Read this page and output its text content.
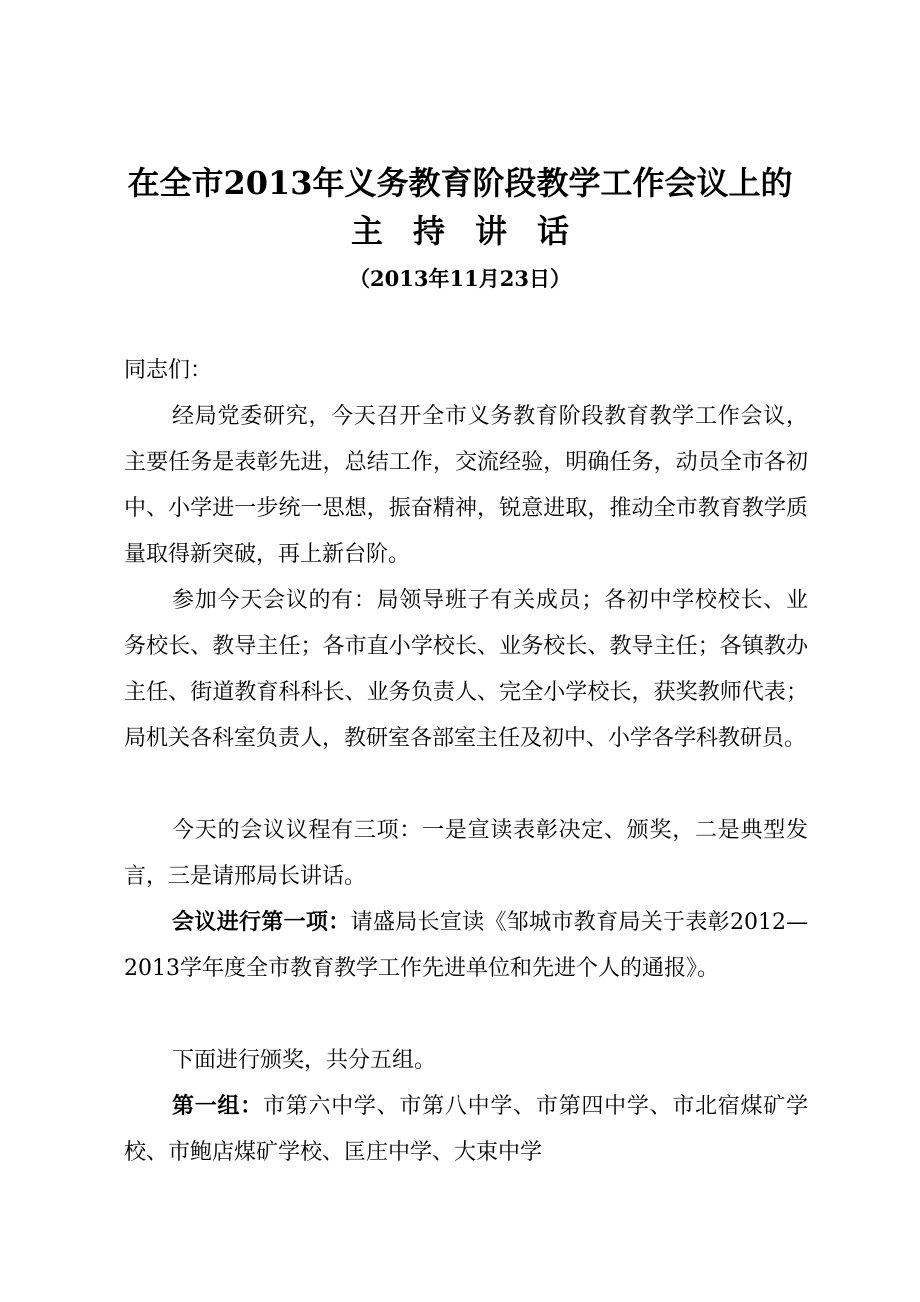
在全市2013年义务教育阶段教学工作会议上的
主持讲话
（2013年11月23日）
同志们：
经局党委研究，今天召开全市义务教育阶段教育教学工作会议，主要任务是表彰先进，总结工作，交流经验，明确任务，动员全市各初中、小学进一步统一思想，振奋精神，锐意进取，推动全市教育教学质量取得新突破，再上新台阶。
参加今天会议的有：局领导班子有关成员；各初中学校校长、业务校长、教导主任；各市直小学校长、业务校长、教导主任；各镇教办主任、街道教育科科长、业务负责人、完全小学校长，获奖教师代表；局机关各科室负责人，教研室各部室主任及初中、小学各学科教研员。
今天的会议议程有三项：一是宣读表彰决定、颁奖，二是典型发言，三是请邢局长讲话。
会议进行第一项：请盛局长宣读《邹城市教育局关于表彰2012—2013学年度全市教育教学工作先进单位和先进个人的通报》。
下面进行颁奖，共分五组。
第一组：市第六中学、市第八中学、市第四中学、市北宿煤矿学校、市鲍店煤矿学校、匡庄中学、大束中学
